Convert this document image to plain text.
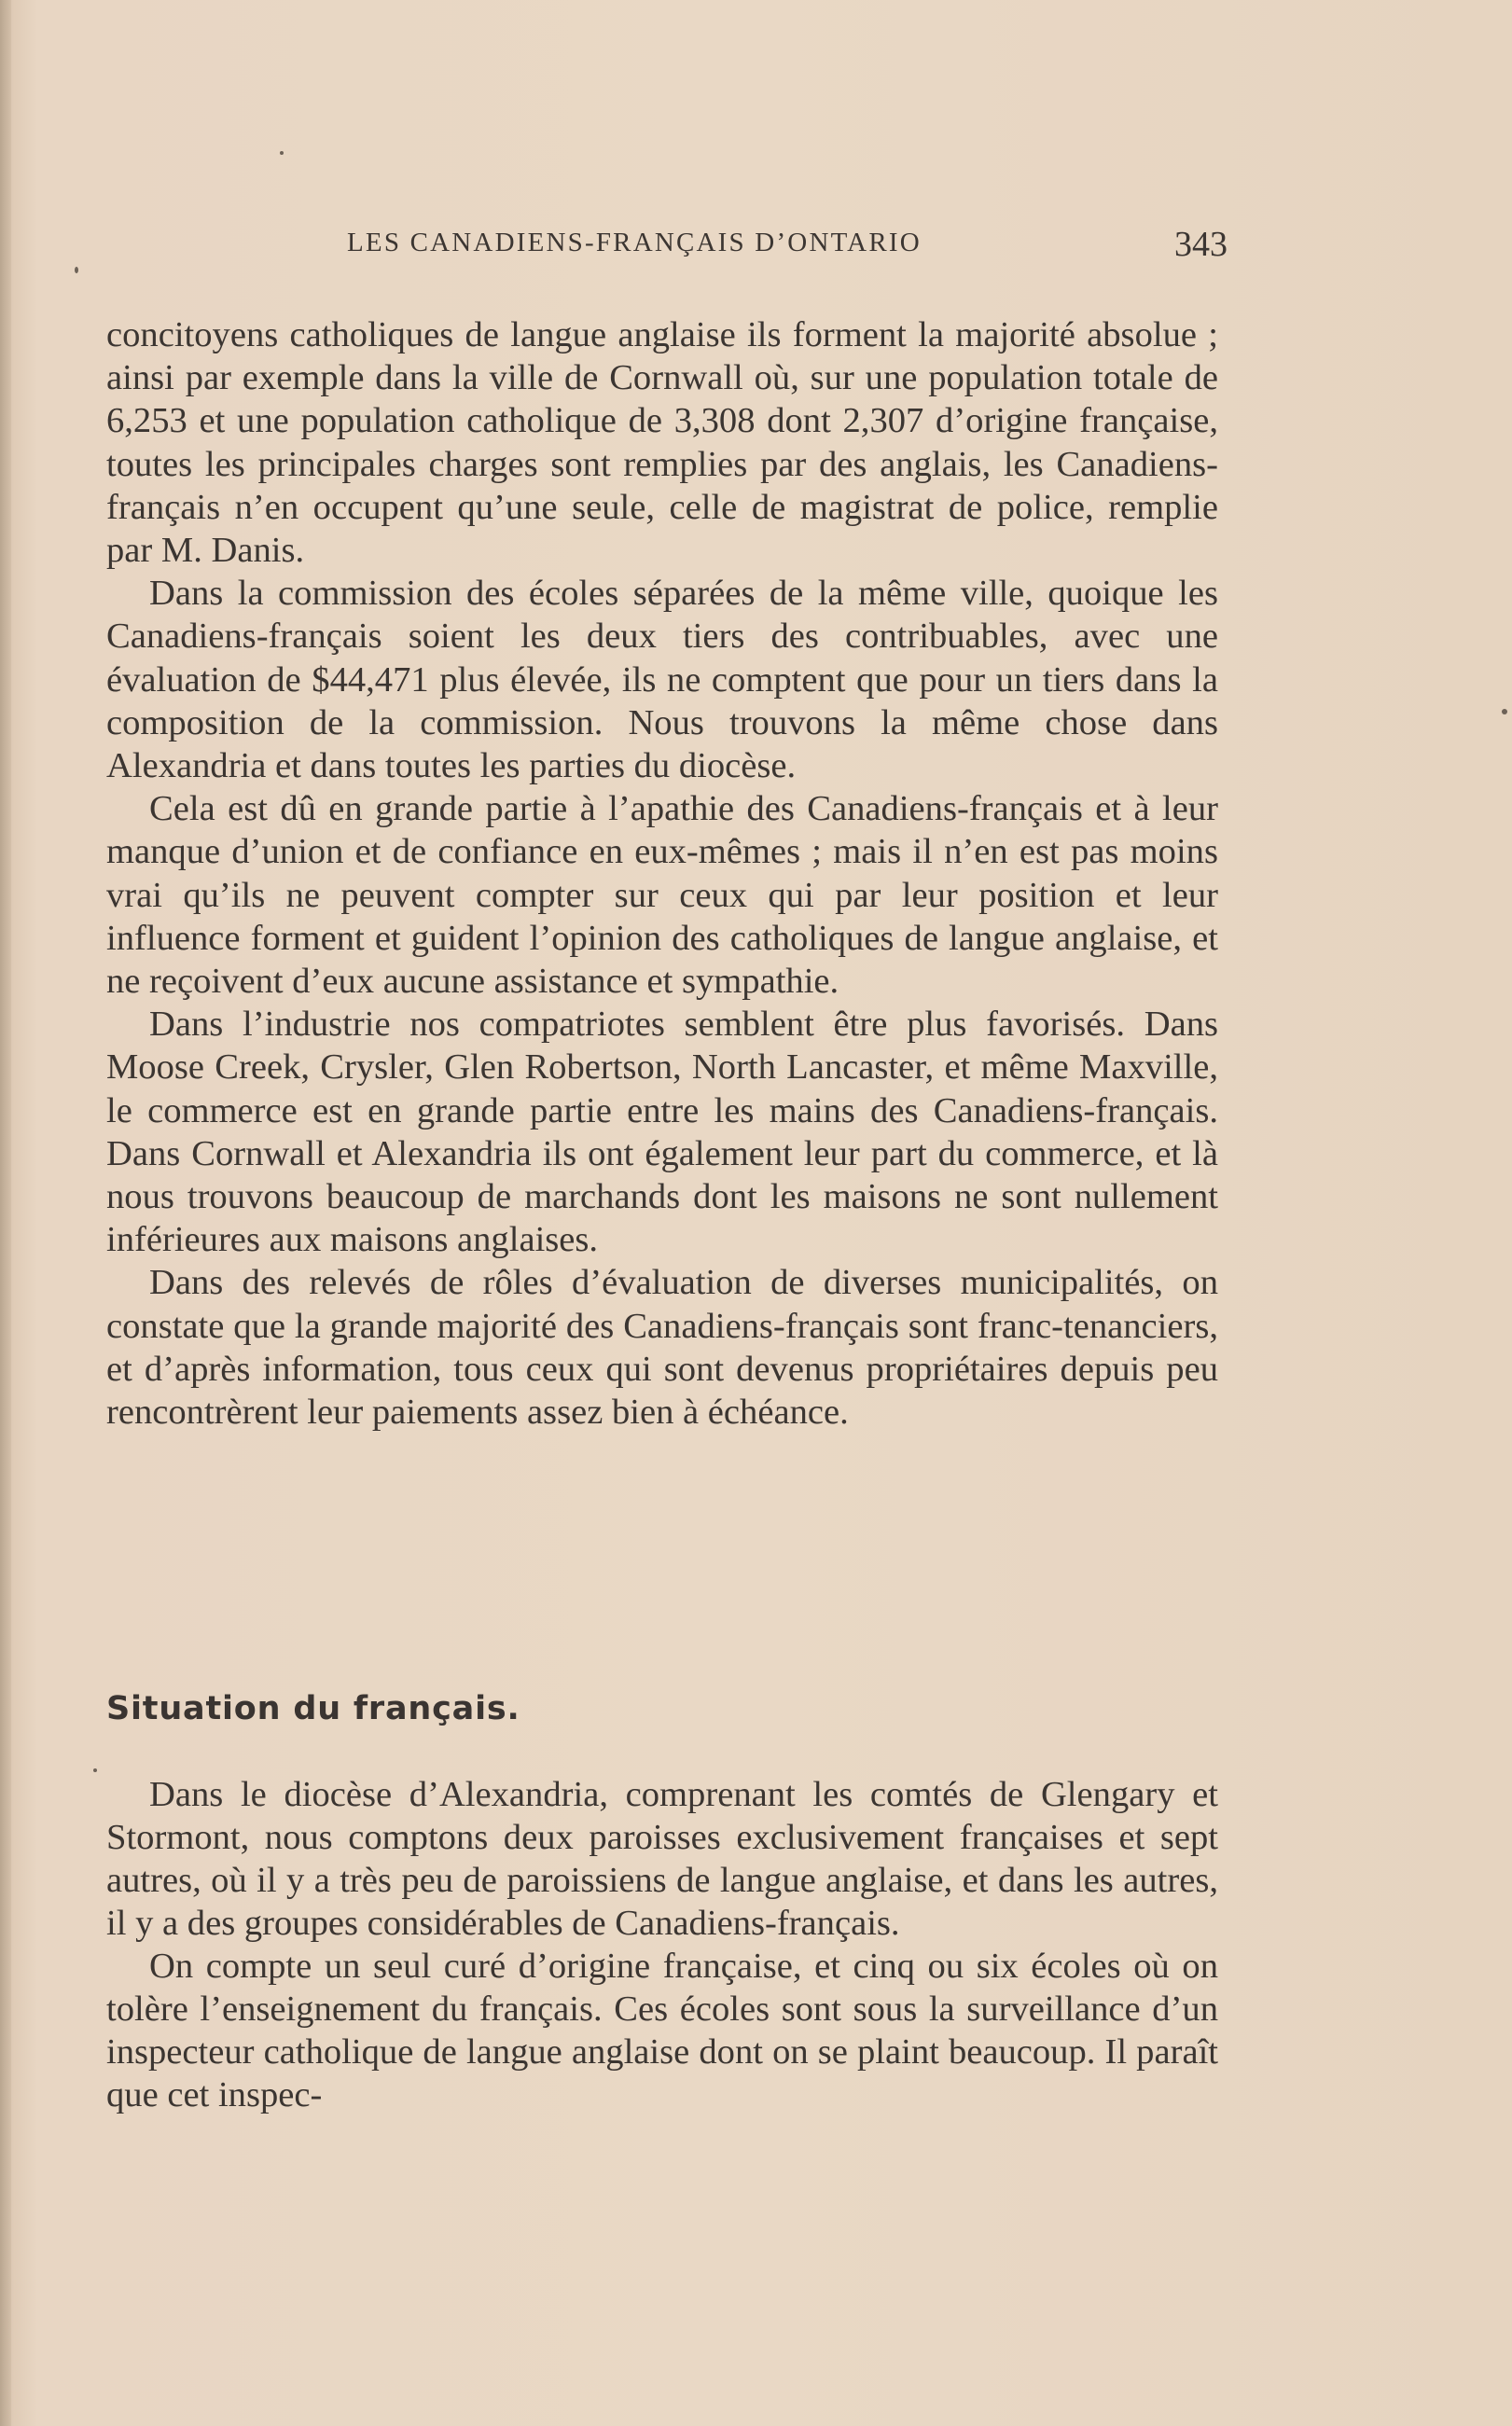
LES CANADIENS-FRANÇAIS D’ONTARIO	343

concitoyens catholiques de langue anglaise ils forment la majorité absolue ; ainsi par exemple dans la ville de Cornwall où, sur une population totale de 6,253 et une population catholique de 3,308 dont 2,307 d’origine française, toutes les principales charges sont remplies par des anglais, les Canadiens-français n’en occupent qu’une seule, celle de magistrat de police, remplie par M. Danis.

Dans la commission des écoles séparées de la même ville, quoique les Canadiens-français soient les deux tiers des contribuables, avec une évaluation de $44,471 plus élevée, ils ne comptent que pour un tiers dans la composition de la commission. Nous trouvons la même chose dans Alexandria et dans toutes les parties du diocèse.

Cela est dû en grande partie à l’apathie des Canadiens-français et à leur manque d’union et de confiance en eux-mêmes ; mais il n’en est pas moins vrai qu’ils ne peuvent compter sur ceux qui par leur position et leur influence forment et guident l’opinion des catholiques de langue anglaise, et ne reçoivent d’eux aucune assistance et sympathie.

Dans l’industrie nos compatriotes semblent être plus favorisés. Dans Moose Creek, Crysler, Glen Robertson, North Lancaster, et même Maxville, le commerce est en grande partie entre les mains des Canadiens-français. Dans Cornwall et Alexandria ils ont également leur part du commerce, et là nous trouvons beaucoup de marchands dont les maisons ne sont nullement inférieures aux maisons anglaises.

Dans des relevés de rôles d’évaluation de diverses municipalités, on constate que la grande majorité des Canadiens-français sont franc-tenanciers, et d’après information, tous ceux qui sont devenus propriétaires depuis peu rencontrèrent leur paiements assez bien à échéance.

Situation du français.

Dans le diocèse d’Alexandria, comprenant les comtés de Glengary et Stormont, nous comptons deux paroisses exclusivement françaises et sept autres, où il y a très peu de paroissiens de langue anglaise, et dans les autres, il y a des groupes considérables de Canadiens-français.

On compte un seul curé d’origine française, et cinq ou six écoles où on tolère l’enseignement du français. Ces écoles sont sous la surveillance d’un inspecteur catholique de langue anglaise dont on se plaint beaucoup. Il paraît que cet inspec-
